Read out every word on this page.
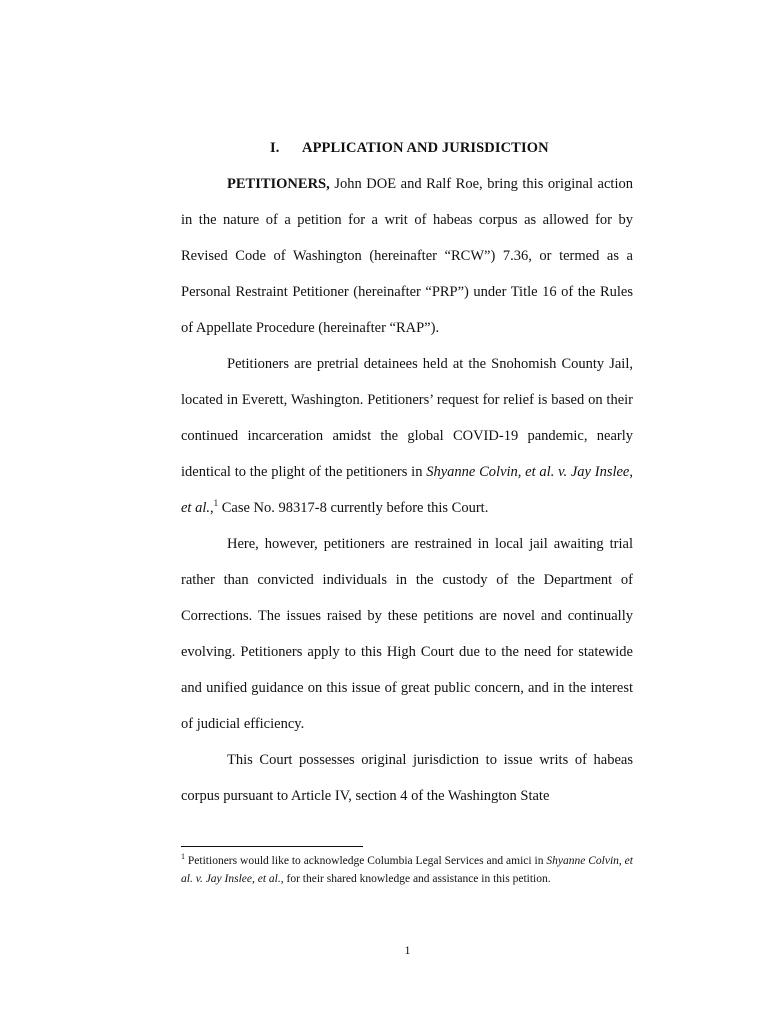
I. APPLICATION AND JURISDICTION

PETITIONERS, John DOE and Ralf Roe, bring this original action in the nature of a petition for a writ of habeas corpus as allowed for by Revised Code of Washington (hereinafter “RCW”) 7.36, or termed as a Personal Restraint Petitioner (hereinafter “PRP”) under Title 16 of the Rules of Appellate Procedure (hereinafter “RAP”).

Petitioners are pretrial detainees held at the Snohomish County Jail, located in Everett, Washington. Petitioners’ request for relief is based on their continued incarceration amidst the global COVID-19 pandemic, nearly identical to the plight of the petitioners in Shyanne Colvin, et al. v. Jay Inslee, et al.,$^1$ Case No. 98317-8 currently before this Court.

Here, however, petitioners are restrained in local jail awaiting trial rather than convicted individuals in the custody of the Department of Corrections. The issues raised by these petitions are novel and continually evolving. Petitioners apply to this High Court due to the need for statewide and unified guidance on this issue of great public concern, and in the interest of judicial efficiency.

This Court possesses original jurisdiction to issue writs of habeas corpus pursuant to Article IV, section 4 of the Washington State

$^1$ Petitioners would like to acknowledge Columbia Legal Services and amici in Shyanne Colvin, et al. v. Jay Inslee, et al., for their shared knowledge and assistance in this petition.
1
